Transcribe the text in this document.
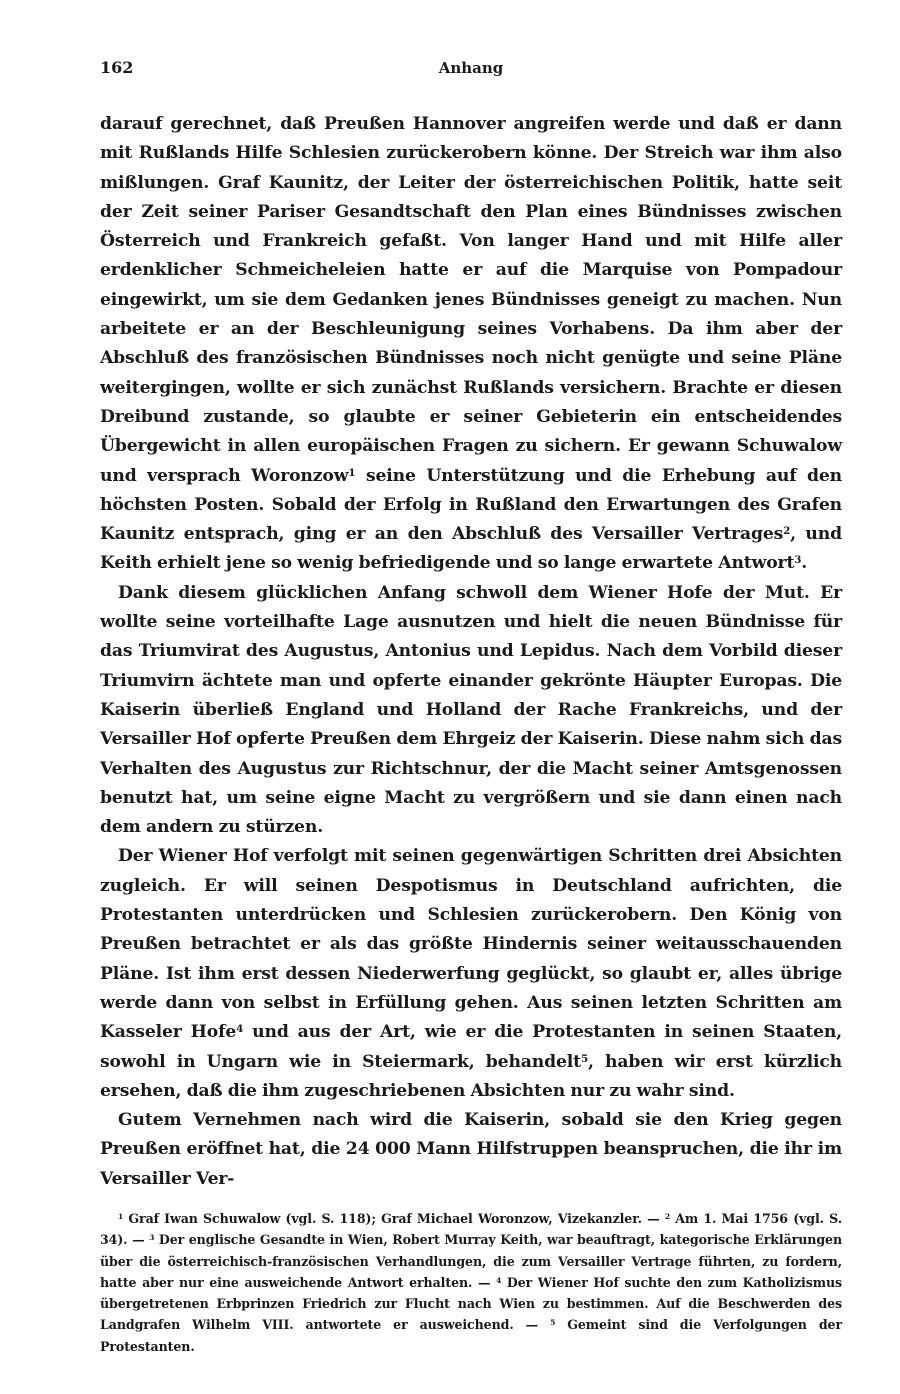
162	Anhang

darauf gerechnet, daß Preußen Hannover angreifen werde und daß er dann mit Rußlands Hilfe Schlesien zurückerobern könne. Der Streich war ihm also mißlungen. Graf Kaunitz, der Leiter der österreichischen Politik, hatte seit der Zeit seiner Pariser Gesandtschaft den Plan eines Bündnisses zwischen Österreich und Frankreich gefaßt. Von langer Hand und mit Hilfe aller erdenklicher Schmeicheleien hatte er auf die Marquise von Pompadour eingewirkt, um sie dem Gedanken jenes Bündnisses geneigt zu machen. Nun arbeitete er an der Beschleunigung seines Vorhabens. Da ihm aber der Abschluß des französischen Bündnisses noch nicht genügte und seine Pläne weitergingen, wollte er sich zunächst Rußlands versichern. Brachte er diesen Dreibund zustande, so glaubte er seiner Gebieterin ein entscheidendes Übergewicht in allen europäischen Fragen zu sichern. Er gewann Schuwalow und versprach Woronzow$^1$ seine Unterstützung und die Erhebung auf den höchsten Posten. Sobald der Erfolg in Rußland den Erwartungen des Grafen Kaunitz entsprach, ging er an den Abschluß des Versailler Vertrages$^2$, und Keith erhielt jene so wenig befriedigende und so lange erwartete Antwort$^3$.

Dank diesem glücklichen Anfang schwoll dem Wiener Hofe der Mut. Er wollte seine vorteilhafte Lage ausnutzen und hielt die neuen Bündnisse für das Triumvirat des Augustus, Antonius und Lepidus. Nach dem Vorbild dieser Triumvirn ächtete man und opferte einander gekrönte Häupter Europas. Die Kaiserin überließ England und Holland der Rache Frankreichs, und der Versailler Hof opferte Preußen dem Ehrgeiz der Kaiserin. Diese nahm sich das Verhalten des Augustus zur Richtschnur, der die Macht seiner Amtsgenossen benutzt hat, um seine eigne Macht zu vergrößern und sie dann einen nach dem andern zu stürzen.

Der Wiener Hof verfolgt mit seinen gegenwärtigen Schritten drei Absichten zugleich. Er will seinen Despotismus in Deutschland aufrichten, die Protestanten unterdrücken und Schlesien zurückerobern. Den König von Preußen betrachtet er als das größte Hindernis seiner weitausschauenden Pläne. Ist ihm erst dessen Niederwerfung geglückt, so glaubt er, alles übrige werde dann von selbst in Erfüllung gehen. Aus seinen letzten Schritten am Kasseler Hofe$^4$ und aus der Art, wie er die Protestanten in seinen Staaten, sowohl in Ungarn wie in Steiermark, behandelt$^5$, haben wir erst kürzlich ersehen, daß die ihm zugeschriebenen Absichten nur zu wahr sind.

Gutem Vernehmen nach wird die Kaiserin, sobald sie den Krieg gegen Preußen eröffnet hat, die 24 000 Mann Hilfstruppen beanspruchen, die ihr im Versailler Ver-

$^1$ Graf Iwan Schuwalow (vgl. S. 118); Graf Michael Woronzow, Vizekanzler. — $^2$ Am 1. Mai 1756 (vgl. S. 34). — $^3$ Der englische Gesandte in Wien, Robert Murray Keith, war beauftragt, kategorische Erklärungen über die österreichisch-französischen Verhandlungen, die zum Versailler Vertrage führten, zu fordern, hatte aber nur eine ausweichende Antwort erhalten. — $^4$ Der Wiener Hof suchte den zum Katholizismus übergetretenen Erbprinzen Friedrich zur Flucht nach Wien zu bestimmen. Auf die Beschwerden des Landgrafen Wilhelm VIII. antwortete er ausweichend. — $^5$ Gemeint sind die Verfolgungen der Protestanten.
